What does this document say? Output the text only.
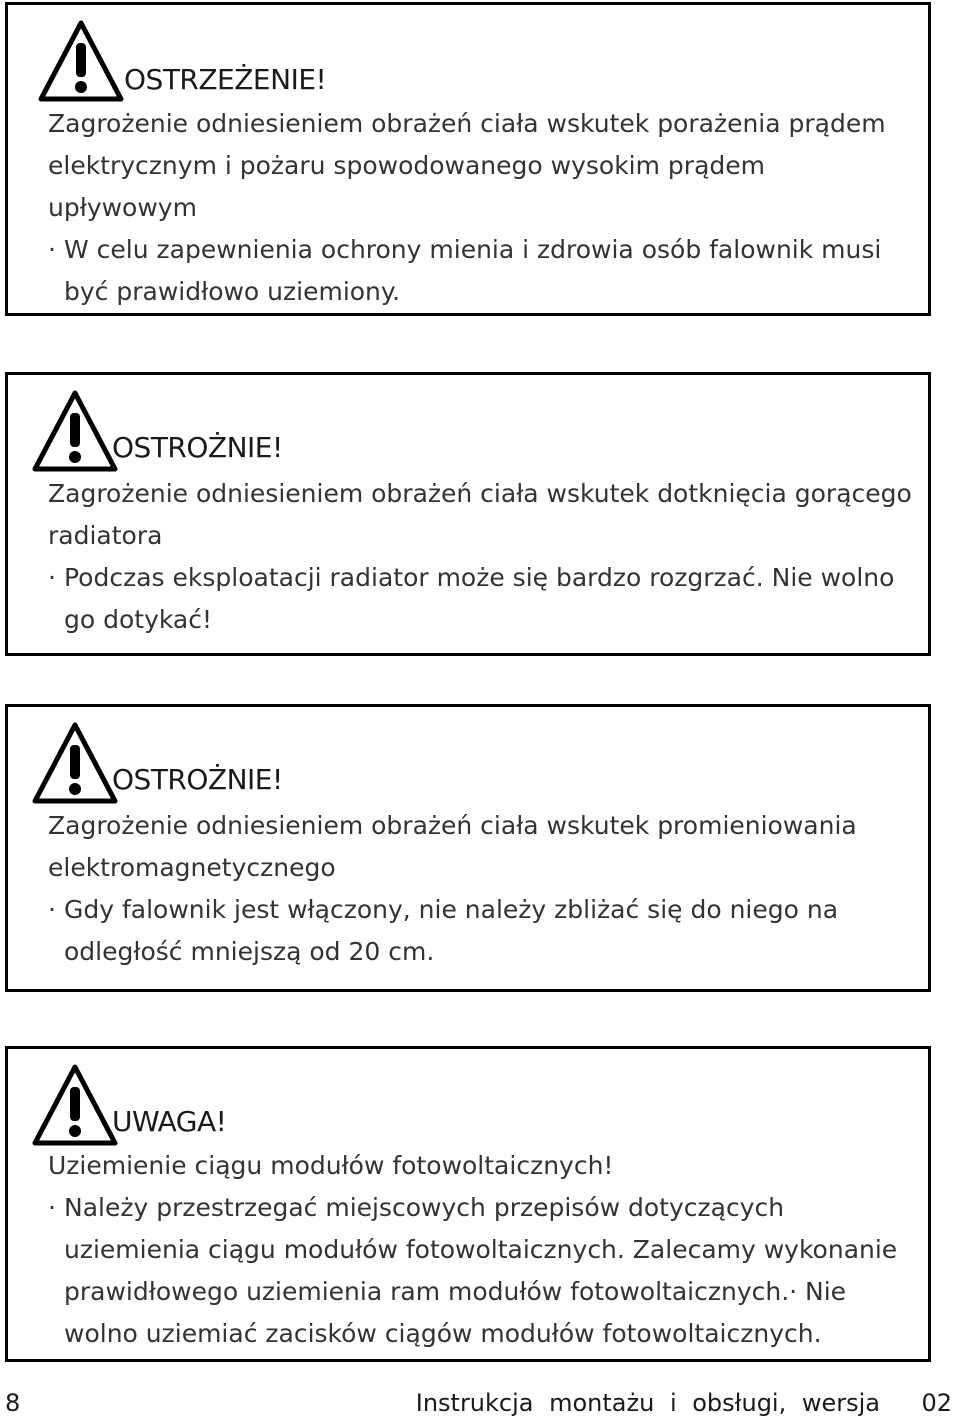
OSTRZEŻENIE!

Zagrożenie odniesieniem obrażeń ciała wskutek porażenia prądem elektrycznym i pożaru spowodowanego wysokim prądem upływowym

· W celu zapewnienia ochrony mienia i zdrowia osób falownik musi być prawidłowo uziemiony.

OSTROŻNIE!

Zagrożenie odniesieniem obrażeń ciała wskutek dotknięcia gorącego radiatora

· Podczas eksploatacji radiator może się bardzo rozgrzać. Nie wolno go dotykać!

OSTROŻNIE!

Zagrożenie odniesieniem obrażeń ciała wskutek promieniowania elektromagnetycznego

· Gdy falownik jest włączony, nie należy zbliżać się do niego na odległość mniejszą od 20 cm.

UWAGA!

Uziemienie ciągu modułów fotowoltaicznych!

· Należy przestrzegać miejscowych przepisów dotyczących uziemienia ciągu modułów fotowoltaicznych. Zalecamy wykonanie prawidłowego uziemienia ram modułów fotowoltaicznych.· Nie wolno uziemiać zacisków ciągów modułów fotowoltaicznych.

8	Instrukcja montażu i obsługi, wersja 02
